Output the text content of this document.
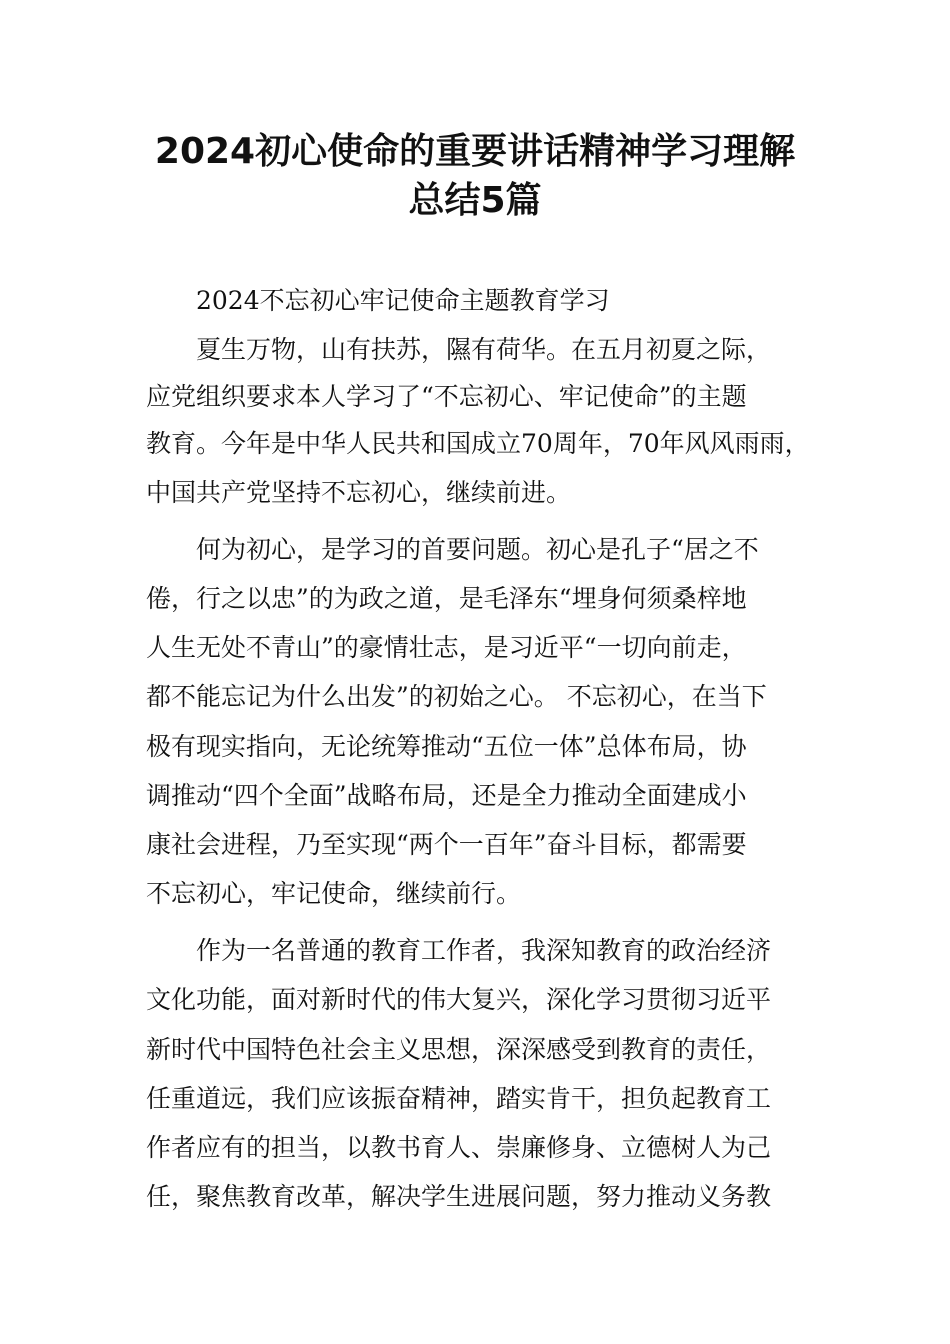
2024初心使命的重要讲话精神学习理解
总结5篇

2024不忘初心牢记使命主题教育学习

夏生万物，山有扶苏，隰有荷华。在五月初夏之际，

应党组织要求本人学习了“不忘初心、牢记使命”的主题

教育。今年是中华人民共和国成立70周年，70年风风雨雨，

中国共产党坚持不忘初心，继续前进。

何为初心，是学习的首要问题。初心是孔子“居之不

倦，行之以忠”的为政之道，是毛泽东“埋身何须桑梓地

人生无处不青山”的豪情壮志，是习近平“一切向前走，

都不能忘记为什么出发”的初始之心。 不忘初心，在当下

极有现实指向，无论统筹推动“五位一体”总体布局，协

调推动“四个全面”战略布局，还是全力推动全面建成小

康社会进程，乃至实现“两个一百年”奋斗目标，都需要

不忘初心，牢记使命，继续前行。

作为一名普通的教育工作者，我深知教育的政治经济

文化功能，面对新时代的伟大复兴，深化学习贯彻习近平

新时代中国特色社会主义思想，深深感受到教育的责任，

任重道远，我们应该振奋精神，踏实肯干，担负起教育工

作者应有的担当，以教书育人、崇廉修身、立德树人为己

任，聚焦教育改革，解决学生进展问题，努力推动义务教
